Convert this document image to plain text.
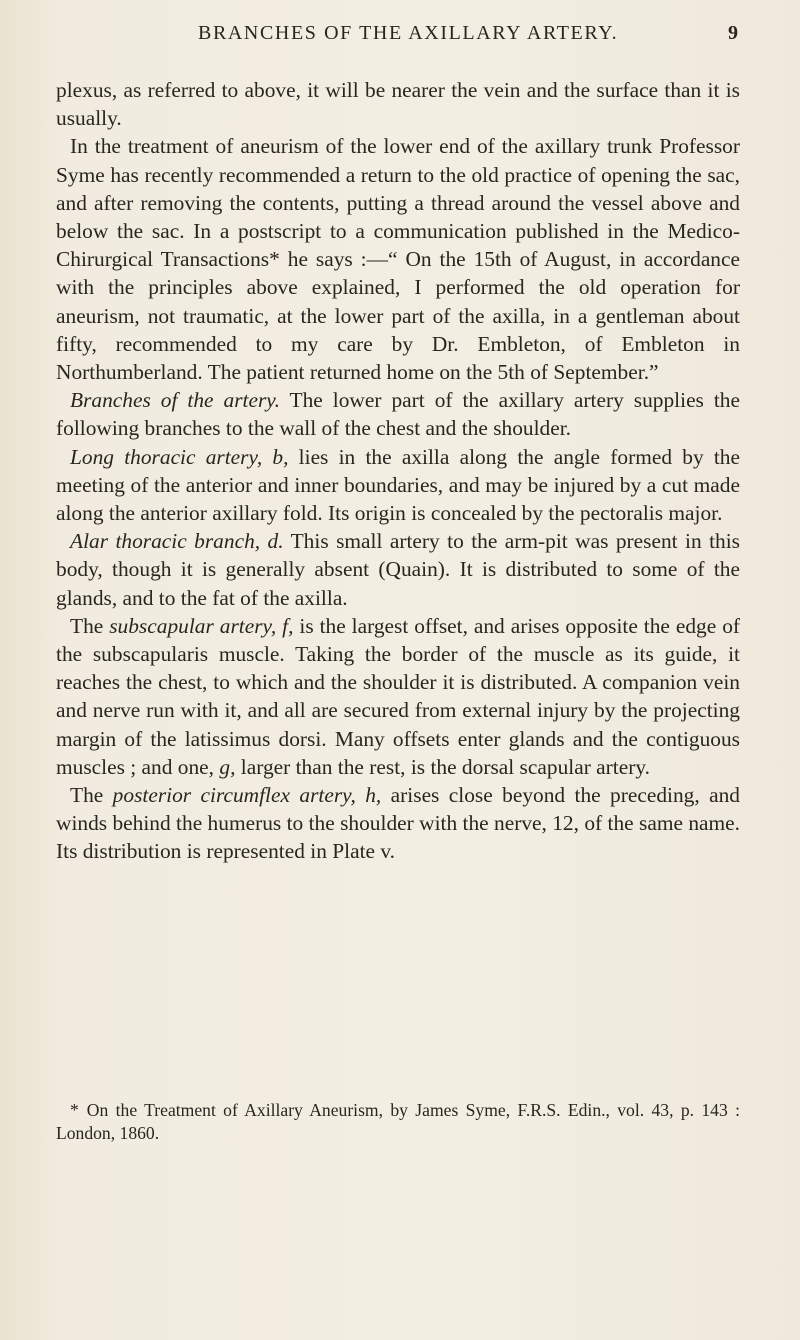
BRANCHES OF THE AXILLARY ARTERY.	9

plexus, as referred to above, it will be nearer the vein and the surface than it is usually.

In the treatment of aneurism of the lower end of the axillary trunk Professor Syme has recently recommended a return to the old practice of opening the sac, and after removing the contents, putting a thread around the vessel above and below the sac. In a postscript to a communication published in the Medico-Chirurgical Transactions* he says :—“ On the 15th of August, in accordance with the principles above explained, I performed the old operation for aneurism, not traumatic, at the lower part of the axilla, in a gentleman about fifty, recommended to my care by Dr. Embleton, of Embleton in Northumberland. The patient returned home on the 5th of September.”

Branches of the artery. The lower part of the axillary artery supplies the following branches to the wall of the chest and the shoulder.

Long thoracic artery, b, lies in the axilla along the angle formed by the meeting of the anterior and inner boundaries, and may be injured by a cut made along the anterior axillary fold. Its origin is concealed by the pectoralis major.

Alar thoracic branch, d. This small artery to the arm-pit was present in this body, though it is generally absent (Quain). It is distributed to some of the glands, and to the fat of the axilla.

The subscapular artery, f, is the largest offset, and arises opposite the edge of the subscapularis muscle. Taking the border of the muscle as its guide, it reaches the chest, to which and the shoulder it is distributed. A companion vein and nerve run with it, and all are secured from external injury by the projecting margin of the latissimus dorsi. Many offsets enter glands and the contiguous muscles ; and one, g, larger than the rest, is the dorsal scapular artery.

The posterior circumflex artery, h, arises close beyond the preceding, and winds behind the humerus to the shoulder with the nerve, 12, of the same name. Its distribution is represented in Plate v.

* On the Treatment of Axillary Aneurism, by James Syme, F.R.S. Edin., vol. 43, p. 143 : London, 1860.
